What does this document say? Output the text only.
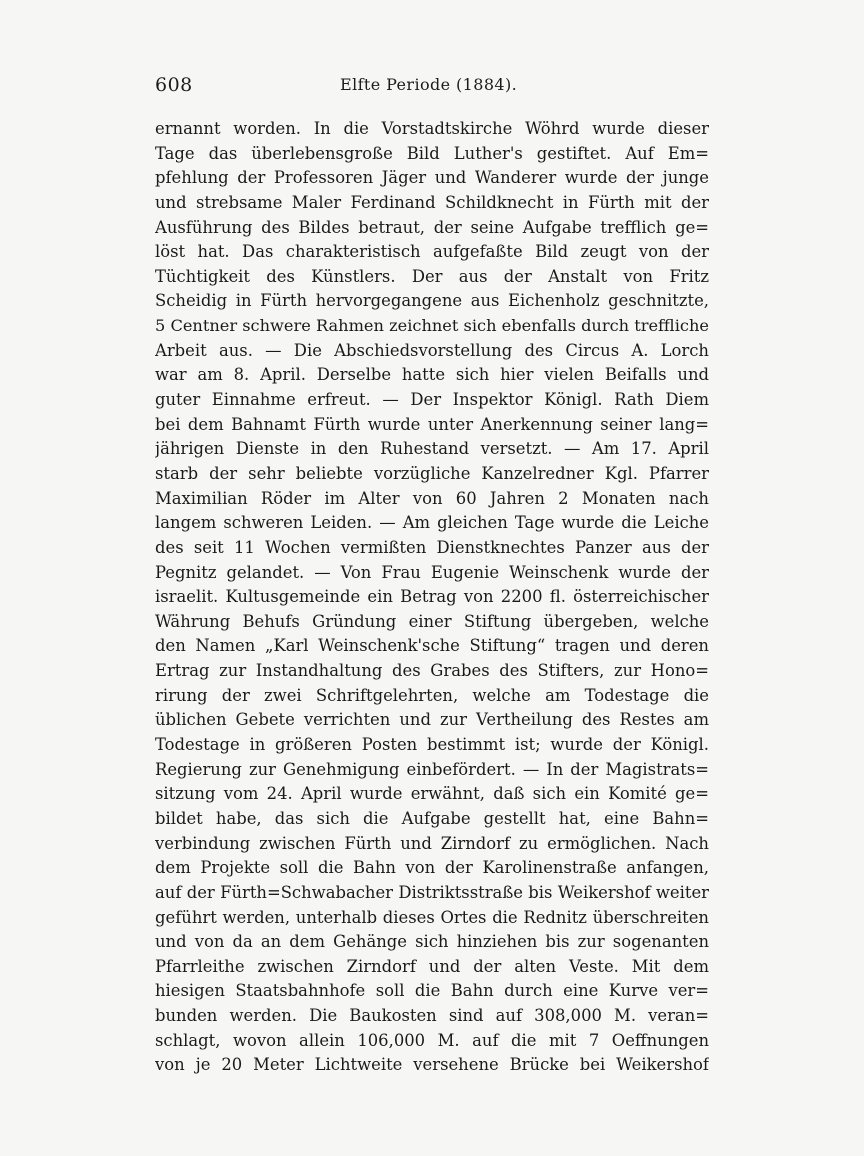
608	Elfte Periode (1884).
ernannt worden. In die Vorstadtskirche Wöhrd wurde dieser
Tage das überlebensgroße Bild Luther's gestiftet. Auf Em=
pfehlung der Professoren Jäger und Wanderer wurde der junge
und strebsame Maler Ferdinand Schildknecht in Fürth mit der
Ausführung des Bildes betraut, der seine Aufgabe trefflich ge=
löst hat. Das charakteristisch aufgefaßte Bild zeugt von der
Tüchtigkeit des Künstlers. Der aus der Anstalt von Fritz
Scheidig in Fürth hervorgegangene aus Eichenholz geschnitzte,
5 Centner schwere Rahmen zeichnet sich ebenfalls durch treffliche
Arbeit aus. — Die Abschiedsvorstellung des Circus A. Lorch
war am 8. April. Derselbe hatte sich hier vielen Beifalls und
guter Einnahme erfreut. — Der Inspektor Königl. Rath Diem
bei dem Bahnamt Fürth wurde unter Anerkennung seiner lang=
jährigen Dienste in den Ruhestand versetzt. — Am 17. April
starb der sehr beliebte vorzügliche Kanzelredner Kgl. Pfarrer
Maximilian Röder im Alter von 60 Jahren 2 Monaten nach
langem schweren Leiden. — Am gleichen Tage wurde die Leiche
des seit 11 Wochen vermißten Dienstknechtes Panzer aus der
Pegnitz gelandet. — Von Frau Eugenie Weinschenk wurde der
israelit. Kultusgemeinde ein Betrag von 2200 fl. österreichischer
Währung Behufs Gründung einer Stiftung übergeben, welche
den Namen „Karl Weinschenk'sche Stiftung“ tragen und deren
Ertrag zur Instandhaltung des Grabes des Stifters, zur Hono=
rirung der zwei Schriftgelehrten, welche am Todestage die
üblichen Gebete verrichten und zur Vertheilung des Restes am
Todestage in größeren Posten bestimmt ist; wurde der Königl.
Regierung zur Genehmigung einbefördert. — In der Magistrats=
sitzung vom 24. April wurde erwähnt, daß sich ein Komité ge=
bildet habe, das sich die Aufgabe gestellt hat, eine Bahn=
verbindung zwischen Fürth und Zirndorf zu ermöglichen. Nach
dem Projekte soll die Bahn von der Karolinenstraße anfangen,
auf der Fürth=Schwabacher Distriktsstraße bis Weikershof weiter
geführt werden, unterhalb dieses Ortes die Rednitz überschreiten
und von da an dem Gehänge sich hinziehen bis zur sogenanten
Pfarrleithe zwischen Zirndorf und der alten Veste. Mit dem
hiesigen Staatsbahnhofe soll die Bahn durch eine Kurve ver=
bunden werden. Die Baukosten sind auf 308,000 M. veran=
schlagt, wovon allein 106,000 M. auf die mit 7 Oeffnungen
von je 20 Meter Lichtweite versehene Brücke bei Weikershof
